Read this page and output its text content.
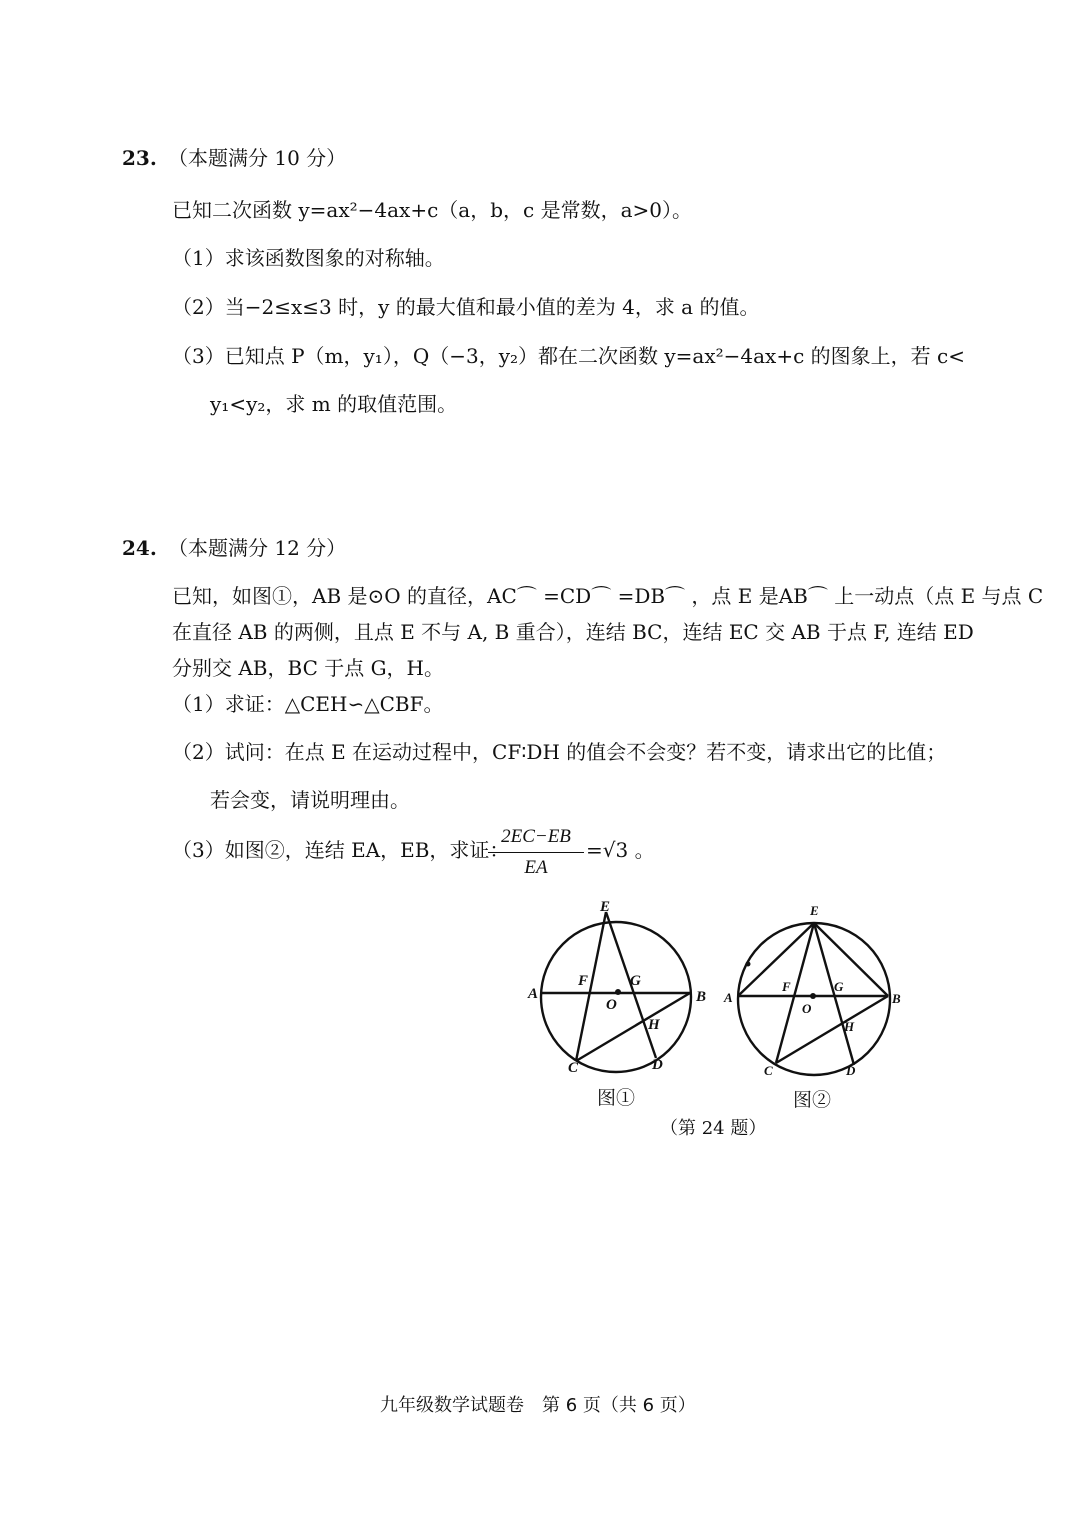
23. （本题满分 10 分）
已知二次函数 y=ax²−4ax+c（a，b，c 是常数，a>0）。
（1）求该函数图象的对称轴。
（2）当−2≤x≤3 时，y 的最大值和最小值的差为 4，求 a 的值。
（3）已知点 P（m，y₁），Q（−3，y₂）都在二次函数 y=ax²−4ax+c 的图象上，若 c<
y₁<y₂，求 m 的取值范围。
24. （本题满分 12 分）
已知，如图①，AB 是⊙O 的直径，AC⌒ =CD⌒ =DB⌒ ，点 E 是AB⌒ 上一动点（点 E 与点 C
在直径 AB 的两侧，且点 E 不与 A, B 重合），连结 BC，连结 EC 交 AB 于点 F, 连结 ED
分别交 AB，BC 于点 G，H。
（1）求证：△CEH∽△CBF。
（2）试问：在点 E 在运动过程中，CF∶DH 的值会不会变？若不变，请求出它的比值；
若会变，请说明理由。
（3）如图②，连结 EA，EB，求证：
2EC−EB
EA
=√3 。
E
A	B
F	G
O
H
C	D
E
A	B
F	G
O
H
C	D
图①	图②
（第 24 题）
九年级数学试题卷　第 6 页（共 6 页）
